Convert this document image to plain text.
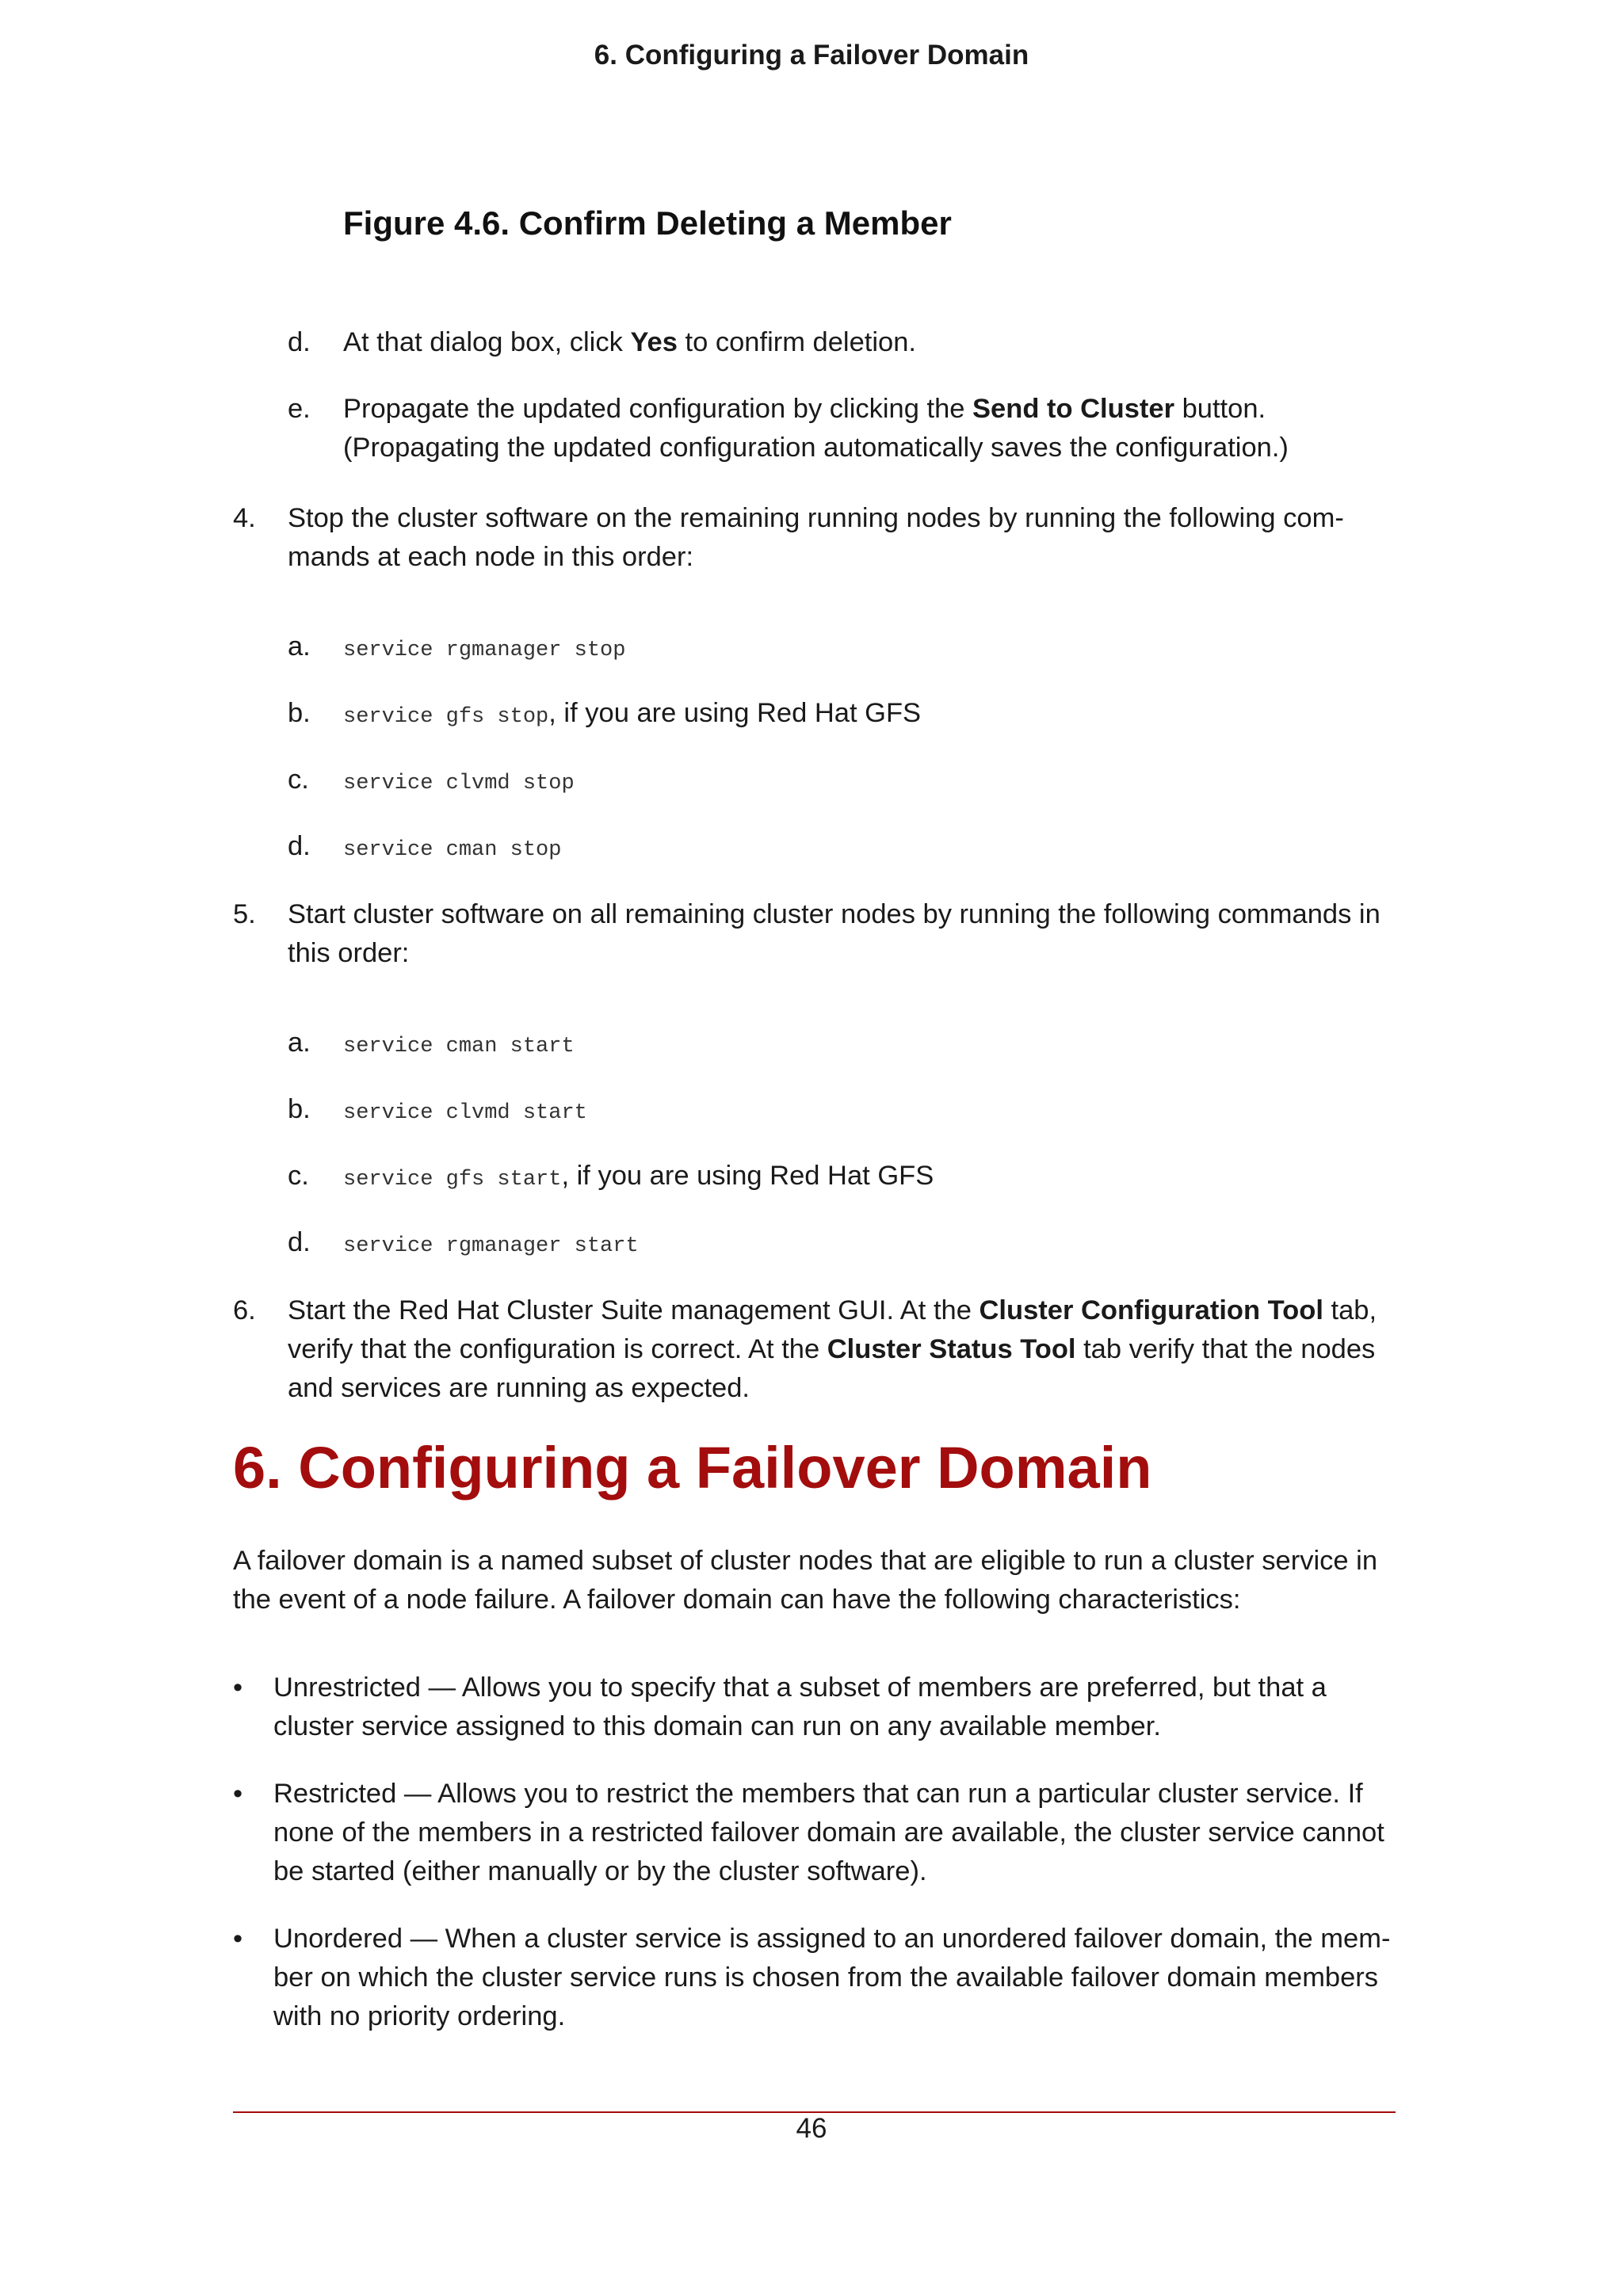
6. Configuring a Failover Domain
Figure 4.6. Confirm Deleting a Member
d. At that dialog box, click Yes to confirm deletion.
e. Propagate the updated configuration by clicking the Send to Cluster button.
(Propagating the updated configuration automatically saves the configuration.)
4. Stop the cluster software on the remaining running nodes by running the following com-
mands at each node in this order:
a. service rgmanager stop
b. service gfs stop, if you are using Red Hat GFS
c. service clvmd stop
d. service cman stop
5. Start cluster software on all remaining cluster nodes by running the following commands in
this order:
a. service cman start
b. service clvmd start
c. service gfs start, if you are using Red Hat GFS
d. service rgmanager start
6. Start the Red Hat Cluster Suite management GUI. At the Cluster Configuration Tool tab,
verify that the configuration is correct. At the Cluster Status Tool tab verify that the nodes
and services are running as expected.
6. Configuring a Failover Domain
A failover domain is a named subset of cluster nodes that are eligible to run a cluster service in
the event of a node failure. A failover domain can have the following characteristics:
• Unrestricted — Allows you to specify that a subset of members are preferred, but that a
cluster service assigned to this domain can run on any available member.
• Restricted — Allows you to restrict the members that can run a particular cluster service. If
none of the members in a restricted failover domain are available, the cluster service cannot
be started (either manually or by the cluster software).
• Unordered — When a cluster service is assigned to an unordered failover domain, the mem-
ber on which the cluster service runs is chosen from the available failover domain members
with no priority ordering.
46
